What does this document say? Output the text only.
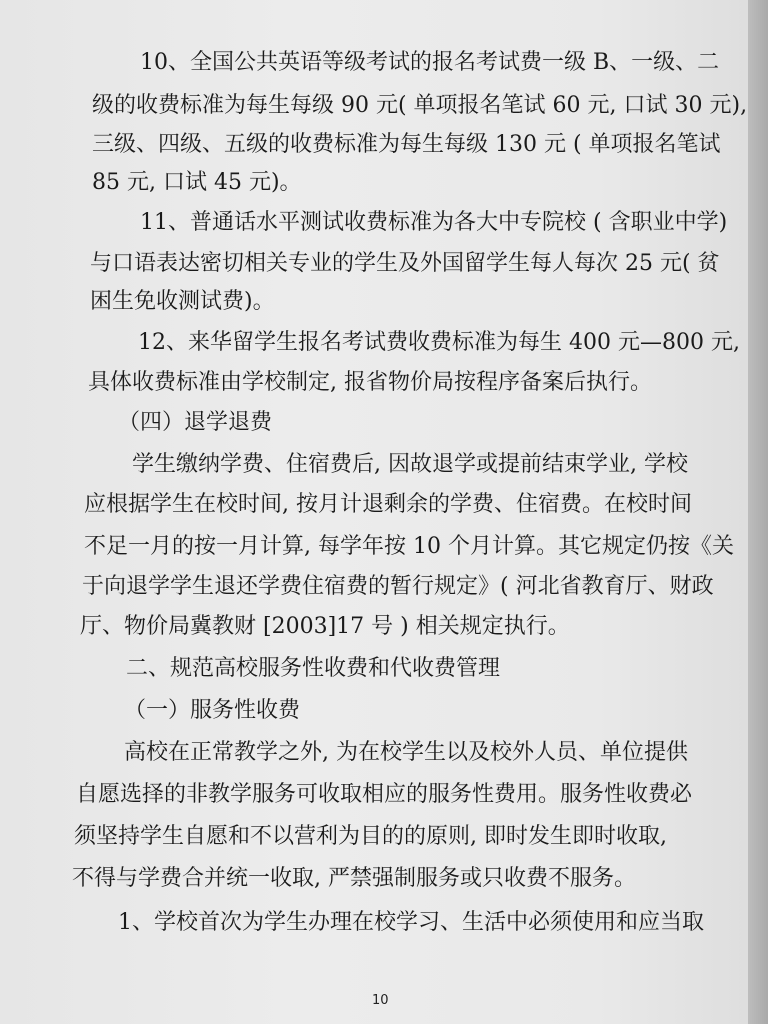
10、全国公共英语等级考试的报名考试费一级 B、一级、二
级的收费标准为每生每级 90 元( 单项报名笔试 60 元, 口试 30 元),
三级、四级、五级的收费标准为每生每级 130 元 ( 单项报名笔试
85 元, 口试 45 元)。
11、普通话水平测试收费标准为各大中专院校 ( 含职业中学)
与口语表达密切相关专业的学生及外国留学生每人每次 25 元( 贫
困生免收测试费)。
12、来华留学生报名考试费收费标准为每生 400 元—800 元,
具体收费标准由学校制定, 报省物价局按程序备案后执行。
（四）退学退费
学生缴纳学费、住宿费后, 因故退学或提前结束学业, 学校
应根据学生在校时间, 按月计退剩余的学费、住宿费。在校时间
不足一月的按一月计算, 每学年按 10 个月计算。其它规定仍按《关
于向退学学生退还学费住宿费的暂行规定》( 河北省教育厅、财政
厅、物价局冀教财 [2003]17 号 ) 相关规定执行。
二、规范高校服务性收费和代收费管理
（一）服务性收费
高校在正常教学之外, 为在校学生以及校外人员、单位提供
自愿选择的非教学服务可收取相应的服务性费用。服务性收费必
须坚持学生自愿和不以营利为目的的原则, 即时发生即时收取,
不得与学费合并统一收取, 严禁强制服务或只收费不服务。
1、学校首次为学生办理在校学习、生活中必须使用和应当取
10
